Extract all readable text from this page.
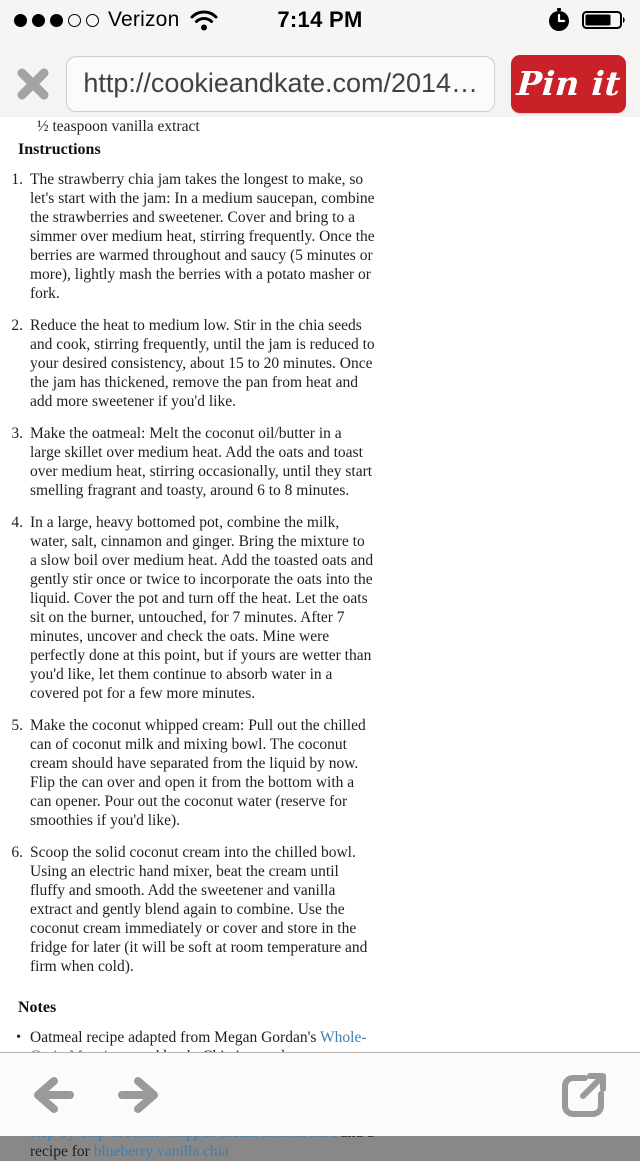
Verizon	7:14 PM
http://cookieandkate.com/2014… Pin it
½ teaspoon vanilla extract
Instructions
1. The strawberry chia jam takes the longest to make, so let's start with the jam: In a medium saucepan, combine the strawberries and sweetener. Cover and bring to a simmer over medium heat, stirring frequently. Once the berries are warmed throughout and saucy (5 minutes or more), lightly mash the berries with a potato masher or fork.
2. Reduce the heat to medium low. Stir in the chia seeds and cook, stirring frequently, until the jam is reduced to your desired consistency, about 15 to 20 minutes. Once the jam has thickened, remove the pan from heat and add more sweetener if you'd like.
3. Make the oatmeal: Melt the coconut oil/butter in a large skillet over medium heat. Add the oats and toast over medium heat, stirring occasionally, until they start smelling fragrant and toasty, around 6 to 8 minutes.
4. In a large, heavy bottomed pot, combine the milk, water, salt, cinnamon and ginger. Bring the mixture to a slow boil over medium heat. Add the toasted oats and gently stir once or twice to incorporate the oats into the liquid. Cover the pot and turn off the heat. Let the oats sit on the burner, untouched, for 7 minutes. After 7 minutes, uncover and check the oats. Mine were perfectly done at this point, but if yours are wetter than you'd like, let them continue to absorb water in a covered pot for a few more minutes.
5. Make the coconut whipped cream: Pull out the chilled can of coconut milk and mixing bowl. The coconut cream should have separated from the liquid by now. Flip the can over and open it from the bottom with a can opener. Pour out the coconut water (reserve for smoothies if you'd like).
6. Scoop the solid coconut cream into the chilled bowl. Using an electric hand mixer, beat the cream until fluffy and smooth. Add the sweetener and vanilla extract and gently blend again to combine. Use the coconut cream immediately or cover and store in the fridge for later (it will be soft at room temperature and firm when cold).
Notes
• Oatmeal recipe adapted from Megan Gordan's Whole- recipe for blueberry vanilla chia
